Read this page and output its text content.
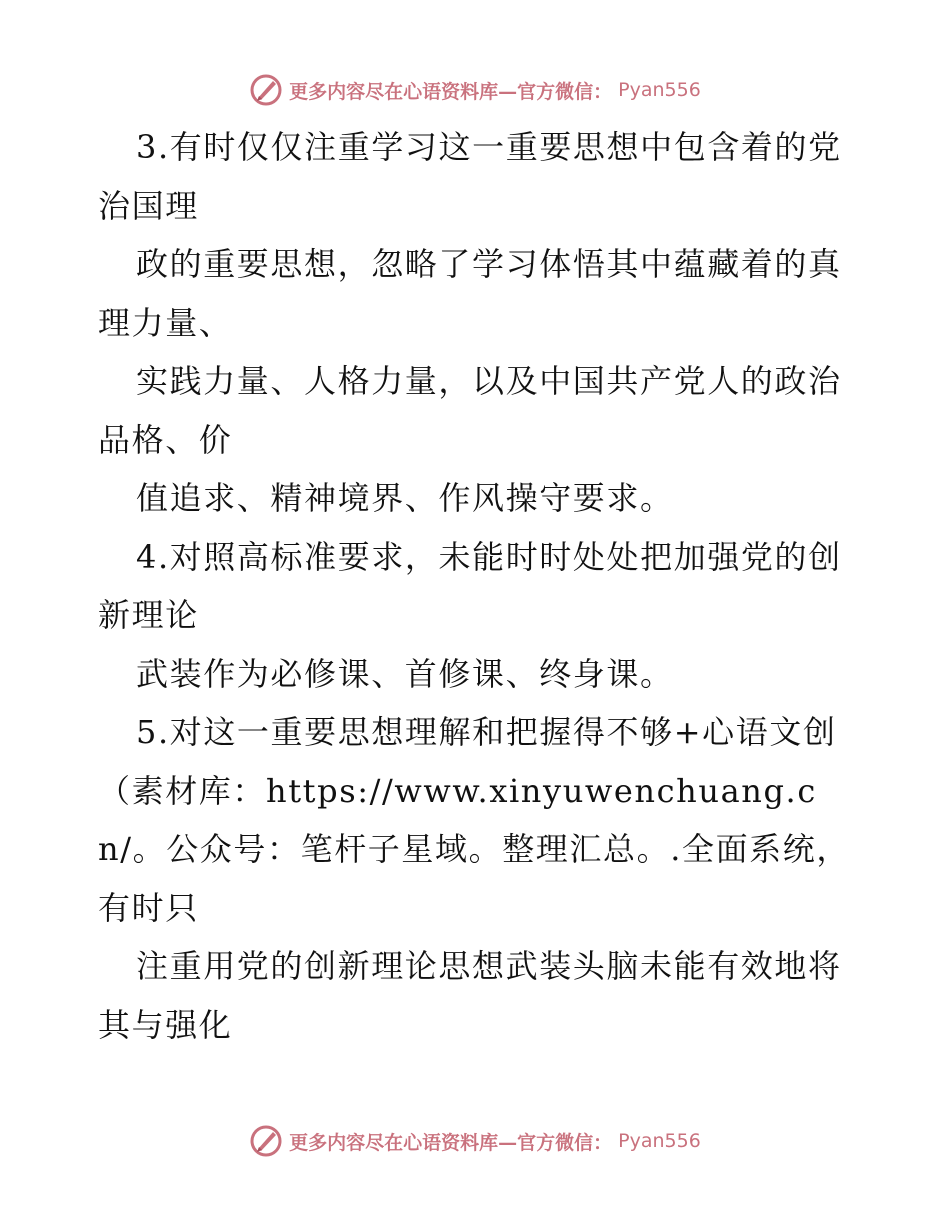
更多内容尽在心语资料库—官方微信： Pyan556

3.有时仅仅注重学习这一重要思想中包含着的党治国理

政的重要思想，忽略了学习体悟其中蕴藏着的真理力量、

实践力量、人格力量，以及中国共产党人的政治品格、价

值追求、精神境界、作风操守要求。

4.对照高标准要求，未能时时处处把加强党的创新理论

武装作为必修课、首修课、终身课。

5.对这一重要思想理解和把握得不够+心语文创（素材库：https://www.xinyuwenchuang.cn/。公众号：笔杆子星域。整理汇总。.全面系统，有时只

注重用党的创新理论思想武装头脑未能有效地将其与强化

更多内容尽在心语资料库—官方微信： Pyan556
